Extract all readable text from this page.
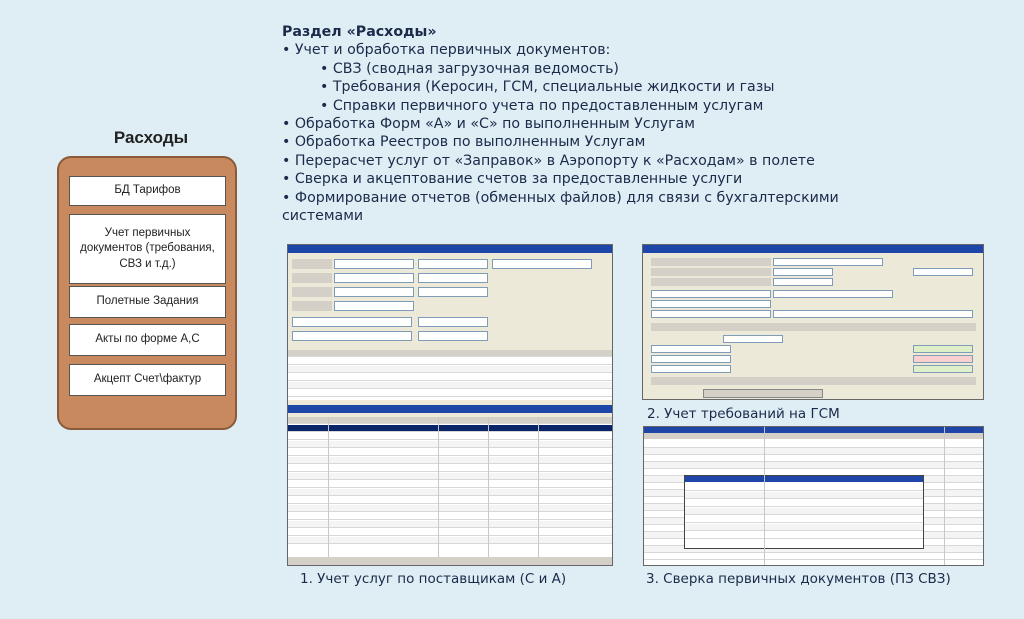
Расходы
БД Тарифов
Учет первичных документов (требования, СВЗ и т.д.)
Полетные Задания
Акты по форме А,С
Акцепт Счет\фактур
Раздел «Расходы»
• Учет и обработка первичных документов:
• СВЗ (сводная загрузочная ведомость)
• Требования (Керосин, ГСМ, специальные жидкости и газы
• Справки первичного учета по предоставленным услугам
• Обработка Форм «А» и «С» по выполненным Услугам
• Обработка Реестров по выполненным Услугам
• Перерасчет услуг от «Заправок» в Аэропорту к «Расходам» в полете
• Сверка и акцептование счетов за предоставленные услуги
• Формирование отчетов (обменных файлов) для связи с бухгалтерскими системами
1. Учет услуг по поставщикам (С и А)
2. Учет требований на ГСМ
3. Сверка первичных документов (ПЗ СВЗ)
